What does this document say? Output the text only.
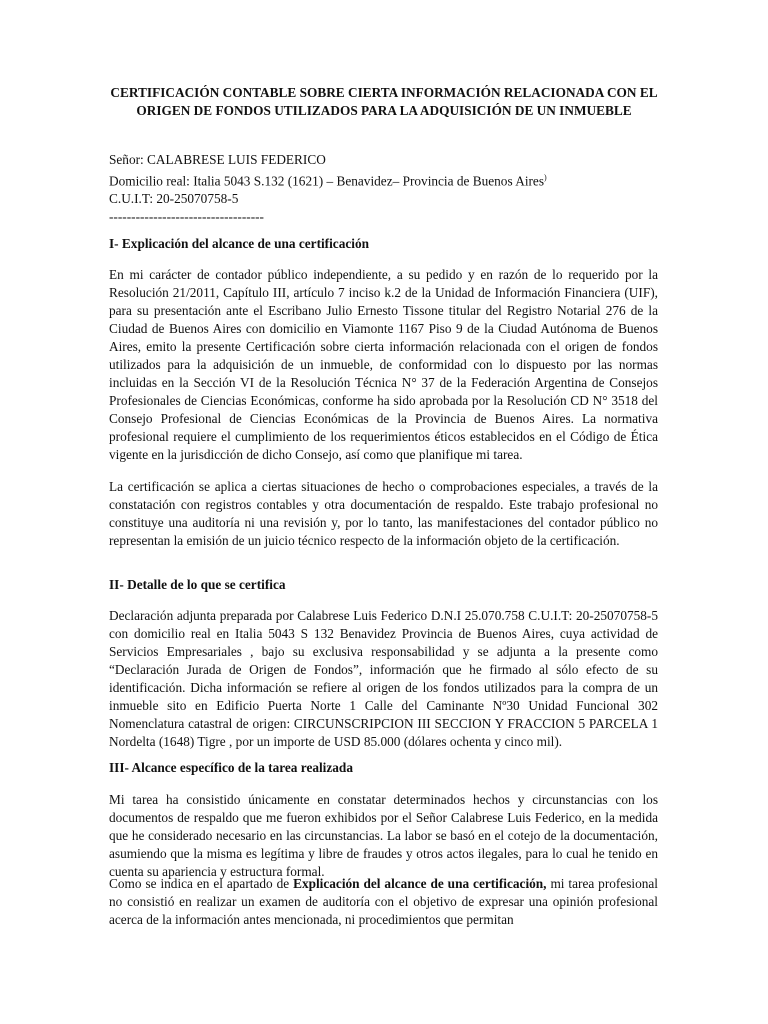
CERTIFICACIÓN CONTABLE SOBRE CIERTA INFORMACIÓN RELACIONADA CON EL
ORIGEN DE FONDOS UTILIZADOS PARA LA ADQUISICIÓN DE UN INMUEBLE
Señor: CALABRESE LUIS FEDERICO
Domicilio real: Italia 5043 S.132 (1621) – Benavidez– Provincia de Buenos Aires)
C.U.I.T: 20-25070758-5
-----------------------------------
I- Explicación del alcance de una certificación
En mi carácter de contador público independiente, a su pedido y en razón de lo requerido por la Resolución 21/2011, Capítulo III, artículo 7 inciso k.2 de la Unidad de Información Financiera (UIF), para su presentación ante el Escribano Julio Ernesto Tissone titular del Registro Notarial 276 de la Ciudad de Buenos Aires con domicilio en Viamonte 1167 Piso 9 de la Ciudad Autónoma de Buenos Aires, emito la presente Certificación sobre cierta información relacionada con el origen de fondos utilizados para la adquisición de un inmueble, de conformidad con lo dispuesto por las normas incluidas en la Sección VI de la Resolución Técnica N° 37 de la Federación Argentina de Consejos Profesionales de Ciencias Económicas, conforme ha sido aprobada por la Resolución CD N° 3518 del Consejo Profesional de Ciencias Económicas de la Provincia de Buenos Aires. La normativa profesional requiere el cumplimiento de los requerimientos éticos establecidos en el Código de Ética vigente en la jurisdicción de dicho Consejo, así como que planifique mi tarea.
La certificación se aplica a ciertas situaciones de hecho o comprobaciones especiales, a través de la constatación con registros contables y otra documentación de respaldo. Este trabajo profesional no constituye una auditoría ni una revisión y, por lo tanto, las manifestaciones del contador público no representan la emisión de un juicio técnico respecto de la información objeto de la certificación.
II- Detalle de lo que se certifica
Declaración adjunta preparada por Calabrese Luis Federico D.N.I 25.070.758 C.U.I.T: 20-25070758-5 con domicilio real en Italia 5043 S 132 Benavidez Provincia de Buenos Aires, cuya actividad de Servicios Empresariales , bajo su exclusiva responsabilidad y se adjunta a la presente como “Declaración Jurada de Origen de Fondos”, información que he firmado al sólo efecto de su identificación. Dicha información se refiere al origen de los fondos utilizados para la compra de un inmueble sito en Edificio Puerta Norte 1 Calle del Caminante Nº30 Unidad Funcional 302 Nomenclatura catastral de origen: CIRCUNSCRIPCION III SECCION Y FRACCION 5 PARCELA 1 Nordelta (1648) Tigre , por un importe de USD 85.000 (dólares ochenta y cinco mil).
III- Alcance específico de la tarea realizada
Mi tarea ha consistido únicamente en constatar determinados hechos y circunstancias con los documentos de respaldo que me fueron exhibidos por el Señor Calabrese Luis Federico, en la medida que he considerado necesario en las circunstancias. La labor se basó en el cotejo de la documentación, asumiendo que la misma es legítima y libre de fraudes y otros actos ilegales, para lo cual he tenido en cuenta su apariencia y estructura formal.
Como se indica en el apartado de Explicación del alcance de una certificación, mi tarea profesional no consistió en realizar un examen de auditoría con el objetivo de expresar una opinión profesional acerca de la información antes mencionada, ni procedimientos que permitan
